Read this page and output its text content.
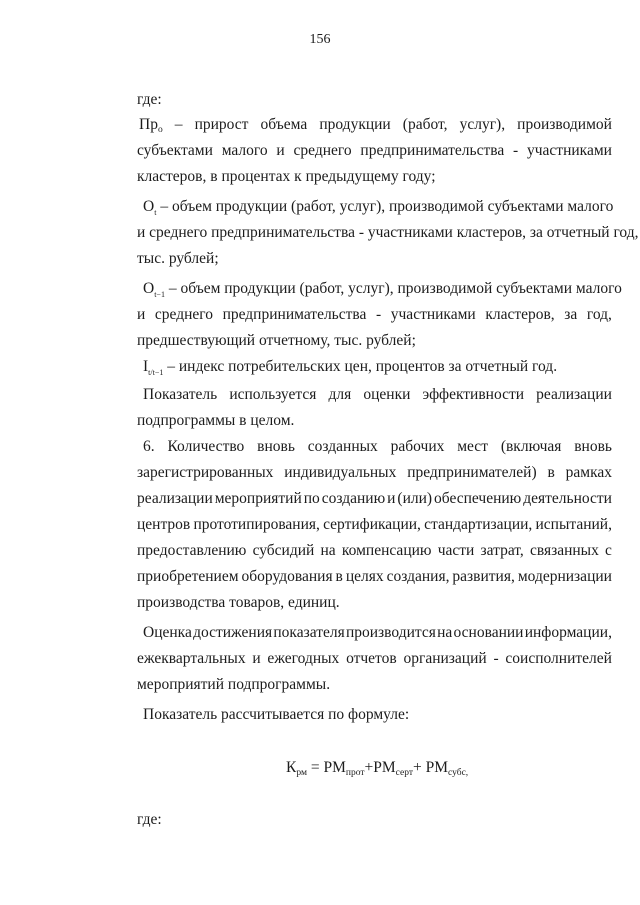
156
где:
Про – прирост объема продукции (работ, услуг), производимой
субъектами малого и среднего предпринимательства - участниками
кластеров, в процентах к предыдущему году;
$О_t$ – объем продукции (работ, услуг), производимой субъектами малого
и среднего предпринимательства - участниками кластеров, за отчетный год,
тыс. рублей;
$О_{t-1}$ – объем продукции (работ, услуг), производимой субъектами малого
и среднего предпринимательства - участниками кластеров, за год,
предшествующий отчетному, тыс. рублей;
$I_{t/t-1}$ – индекс потребительских цен, процентов за отчетный год.
Показатель используется для оценки эффективности реализации
подпрограммы в целом.
6. Количество вновь созданных рабочих мест (включая вновь
зарегистрированных индивидуальных предпринимателей) в рамках
реализации мероприятий по созданию и (или) обеспечению деятельности
центров прототипирования, сертификации, стандартизации, испытаний,
предоставлению субсидий на компенсацию части затрат, связанных с
приобретением оборудования в целях создания, развития, модернизации
производства товаров, единиц.
Оценка достижения показателя производится на основании информации,
ежеквартальных и ежегодных отчетов организаций - соисполнителей
мероприятий подпрограммы.
Показатель рассчитывается по формуле:
Крм = РМпрот+РМсерт+ РМсубс,
где:
